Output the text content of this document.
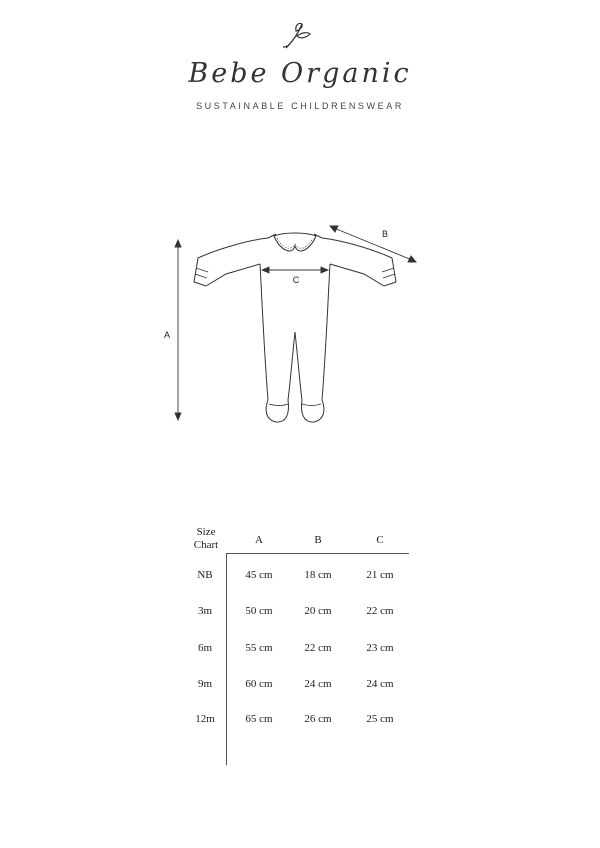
Bebe Organic
SUSTAINABLE CHILDRENSWEAR
A
B
C
Size
Chart	A	B	C
NB	45 cm	18 cm	21 cm
3m	50 cm	20 cm	22 cm
6m	55 cm	22 cm	23 cm
9m	60 cm	24 cm	24 cm
12m	65 cm	26 cm	25 cm
